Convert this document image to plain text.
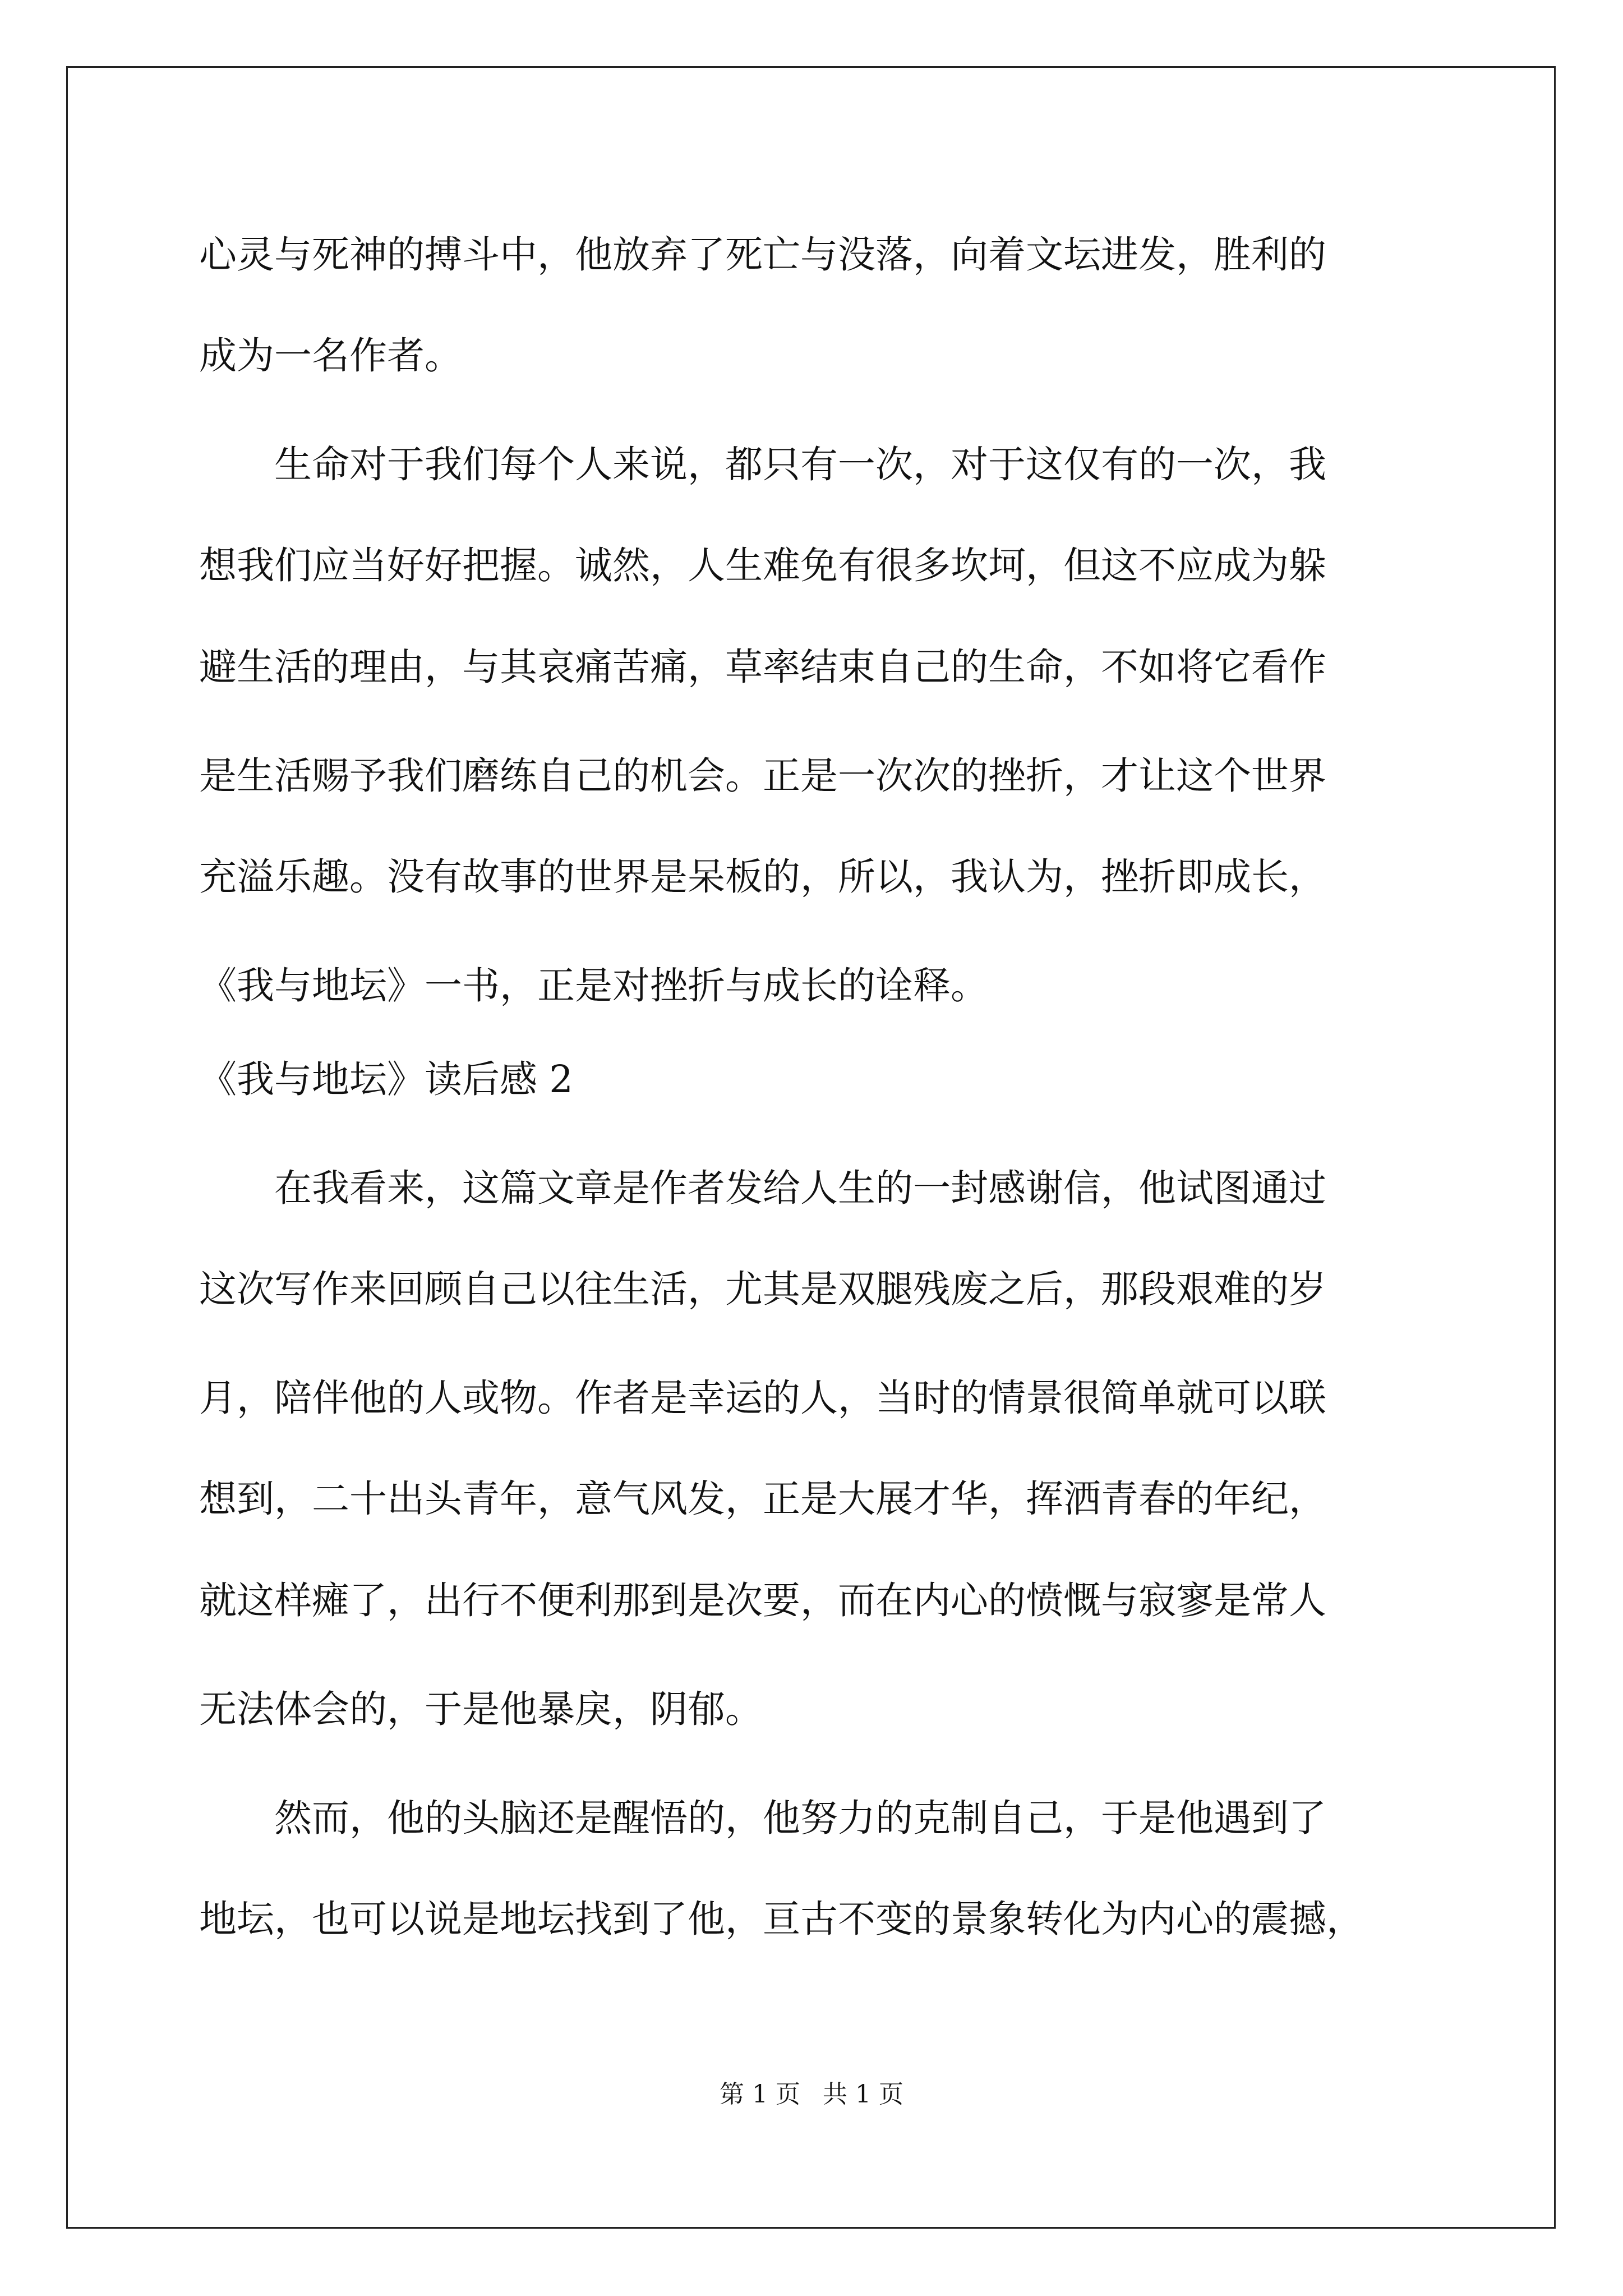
心灵与死神的搏斗中，他放弃了死亡与没落，向着文坛进发，胜利的
成为一名作者。
　　生命对于我们每个人来说，都只有一次，对于这仅有的一次，我
想我们应当好好把握。诚然，人生难免有很多坎坷，但这不应成为躲
避生活的理由，与其哀痛苦痛，草率结束自己的生命，不如将它看作
是生活赐予我们磨练自己的机会。正是一次次的挫折，才让这个世界
充溢乐趣。没有故事的世界是呆板的，所以，我认为，挫折即成长，
《我与地坛》一书，正是对挫折与成长的诠释。
《我与地坛》读后感 2
　　在我看来，这篇文章是作者发给人生的一封感谢信，他试图通过
这次写作来回顾自己以往生活，尤其是双腿残废之后，那段艰难的岁
月，陪伴他的人或物。作者是幸运的人，当时的情景很简单就可以联
想到，二十出头青年，意气风发，正是大展才华，挥洒青春的年纪，
就这样瘫了，出行不便利那到是次要，而在内心的愤慨与寂寥是常人
无法体会的，于是他暴戾，阴郁。
　　然而，他的头脑还是醒悟的，他努力的克制自己，于是他遇到了
地坛，也可以说是地坛找到了他，亘古不变的景象转化为内心的震撼，
第 1 页 共 1 页
